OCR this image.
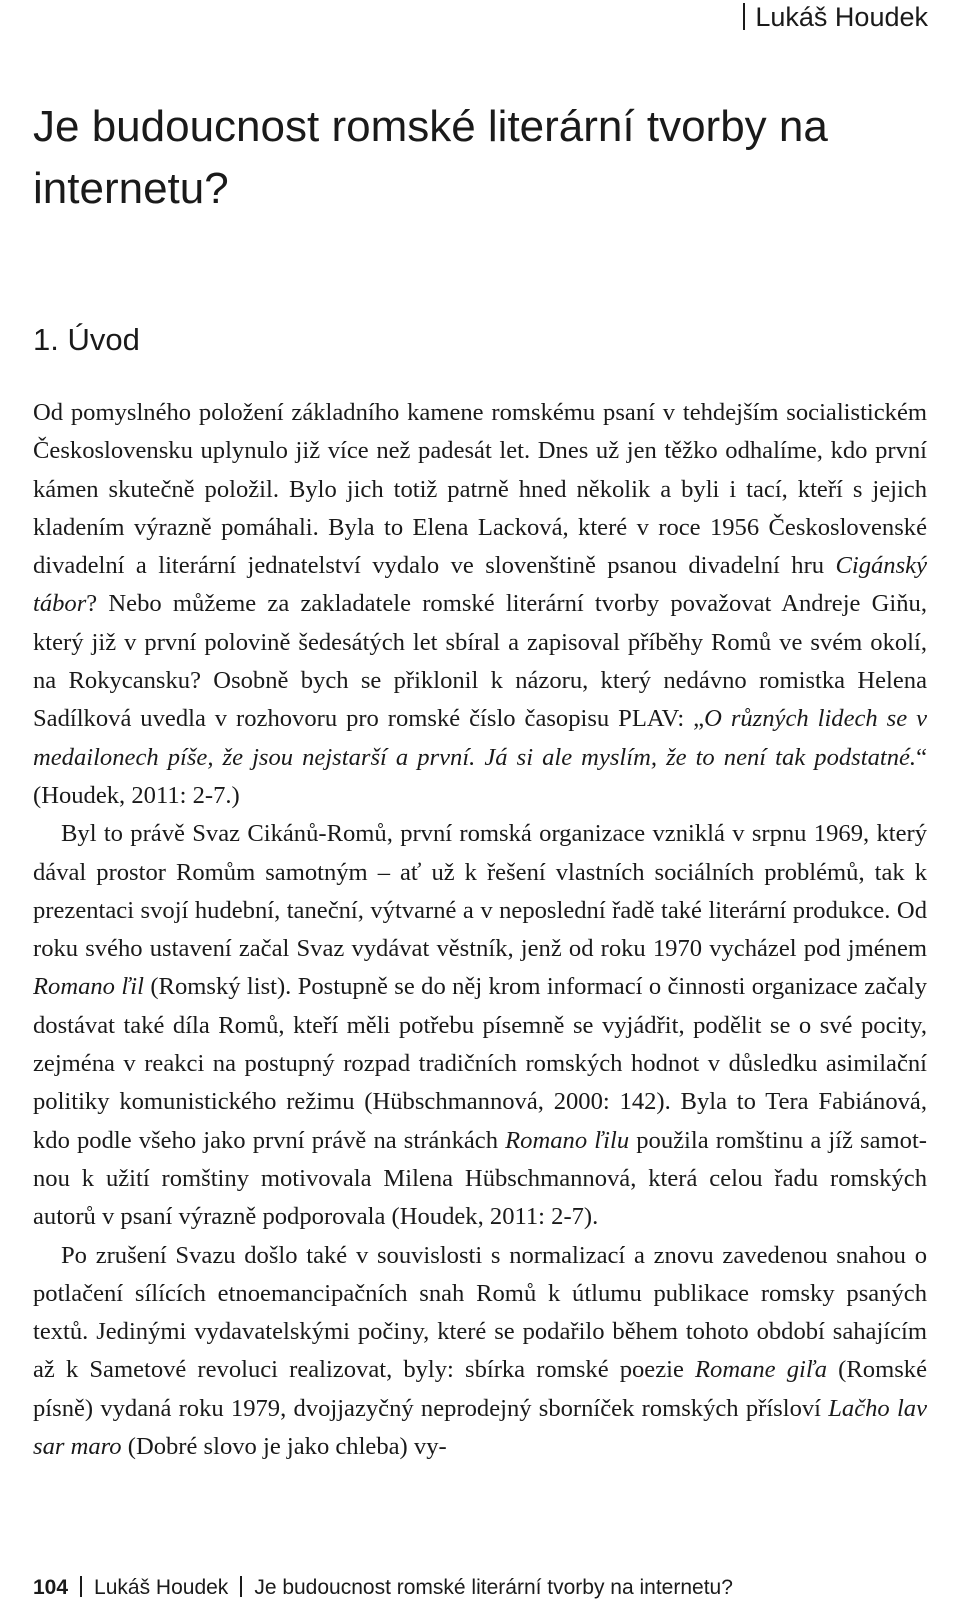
Lukáš Houdek
Je budoucnost romské literární tvorby na internetu?
1. Úvod

Od pomyslného položení základního kamene romskému psaní v tehdejším socialistickém Československu uplynulo již více než padesát let. Dnes už jen těžko odhalíme, kdo první kámen skutečně položil. Bylo jich totiž patrně hned několik a byli i tací, kteří s jejich kladením výrazně pomáhali. Byla to Elena Lacková, které v roce 1956 Československé divadelní a literární jednatelství vydalo ve slovenštině psanou divadelní hru Cigánský tábor? Nebo můžeme za zakladatele romské literární tvorby považovat Andreje Giňu, který již v první polovině šedesátých let sbíral a zapisoval příběhy Romů ve svém okolí, na Rokycansku? Osobně bych se přiklonil k názoru, který nedávno romistka Helena Sadílková uvedla v rozhovoru pro romské číslo časopisu PLAV: „O různých lidech se v medailonech píše, že jsou nejstarší a první. Já si ale myslím, že to není tak podstatné.“ (Houdek, 2011: 2-7.)

Byl to právě Svaz Cikánů-Romů, první romská organizace vzniklá v srpnu 1969, který dával prostor Romům samotným – ať už k řešení vlastních sociálních problémů, tak k prezentaci svojí hudební, taneční, výtvarné a v neposlední řadě také literární produkce. Od roku svého ustavení začal Svaz vydávat věstník, jenž od roku 1970 vycházel pod jménem Romano ľil (Romský list). Postupně se do něj krom informací o činnosti organizace začaly dostávat také díla Romů, kteří měli potřebu písemně se vyjádřit, podělit se o své pocity, zejména v reakci na postupný rozpad tradičních romských hodnot v důsledku asimilační politiky komunistického režimu (Hübschmannová, 2000: 142). Byla to Tera Fabiánová, kdo podle všeho jako první právě na stránkách Romano ľilu použila romštinu a jíž samotnou k užití romštiny motivovala Milena Hübschmannová, která celou řadu romských autorů v psaní výrazně podporovala (Houdek, 2011: 2-7).

Po zrušení Svazu došlo také v souvislosti s normalizací a znovu zavedenou snahou o potlačení sílících etnoemancipačních snah Romů k útlumu publikace romsky psaných textů. Jedinými vydavatelskými počiny, které se podařilo během tohoto období sahajícím až k Sametové revoluci realizovat, byly: sbírka romské poezie Romane giľa (Romské písně) vydaná roku 1979, dvojjazyčný neprodejný sborníček romských přísloví Lačho lav sar maro (Dobré slovo je jako chleba) vy-

104 Lukáš Houdek Je budoucnost romské literární tvorby na internetu?
